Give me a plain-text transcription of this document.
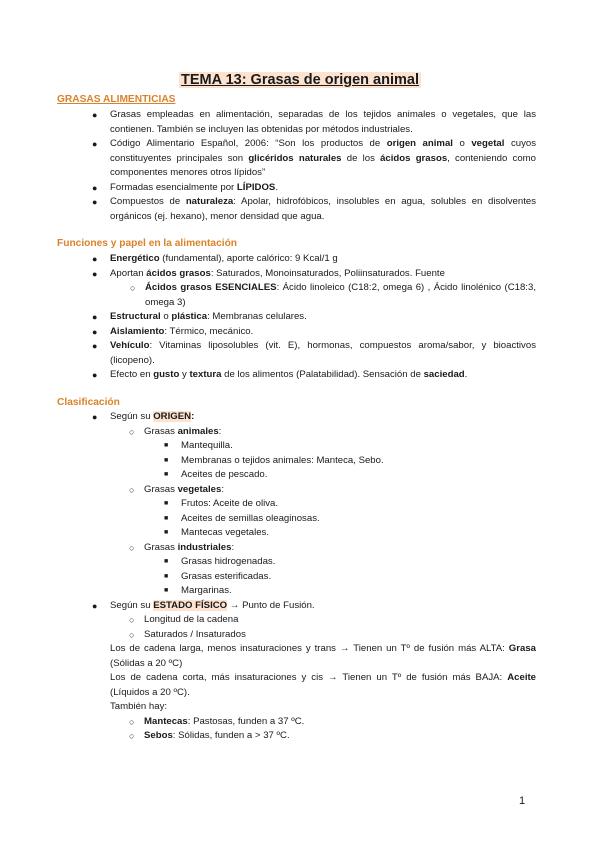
TEMA 13: Grasas de origen animal
GRASAS ALIMENTICIAS
● Grasas empleadas en alimentación, separadas de los tejidos animales o vegetales, que las contienen. También se incluyen las obtenidas por métodos industriales.
● Código Alimentario Español, 2006: “Son los productos de origen animal o vegetal cuyos constituyentes principales son glicéridos naturales de los ácidos grasos, conteniendo como componentes menores otros lípidos”
● Formadas esencialmente por LÍPIDOS.
● Compuestos de naturaleza: Apolar, hidrofóbicos, insolubles en agua, solubles en disolventes orgánicos (ej. hexano), menor densidad que agua.
Funciones y papel en la alimentación
● Energético (fundamental), aporte calórico: 9 Kcal/1 g
● Aportan ácidos grasos: Saturados, Monoinsaturados, Poliinsaturados. Fuente
○ Ácidos grasos ESENCIALES: Ácido linoleico (C18:2, omega 6) , Ácido linolénico (C18:3, omega 3)
● Estructural o plástica: Membranas celulares.
● Aislamiento: Térmico, mecánico.
● Vehículo: Vitaminas liposolubles (vit. E), hormonas, compuestos aroma/sabor, y bioactivos (licopeno).
● Efecto en gusto y textura de los alimentos (Palatabilidad). Sensación de saciedad.
Clasificación
● Según su ORIGEN:
○ Grasas animales:
■ Mantequilla.
■ Membranas o tejidos animales: Manteca, Sebo.
■ Aceites de pescado.
○ Grasas vegetales:
■ Frutos: Aceite de oliva.
■ Aceites de semillas oleaginosas.
■ Mantecas vegetales.
○ Grasas industriales:
■ Grasas hidrogenadas.
■ Grasas esterificadas.
■ Margarinas.
● Según su ESTADO FÍSICO → Punto de Fusión.
○ Longitud de la cadena
○ Saturados / Insaturados
Los de cadena larga, menos insaturaciones y trans → Tienen un Tº de fusión más ALTA: Grasa (Sólidas a 20 ºC)
Los de cadena corta, más insaturaciones y cis → Tienen un Tº de fusión más BAJA: Aceite (Líquidos a 20 ºC).
También hay:
○ Mantecas: Pastosas, funden a 37 ºC.
○ Sebos: Sólidas, funden a > 37 ºC.
1
